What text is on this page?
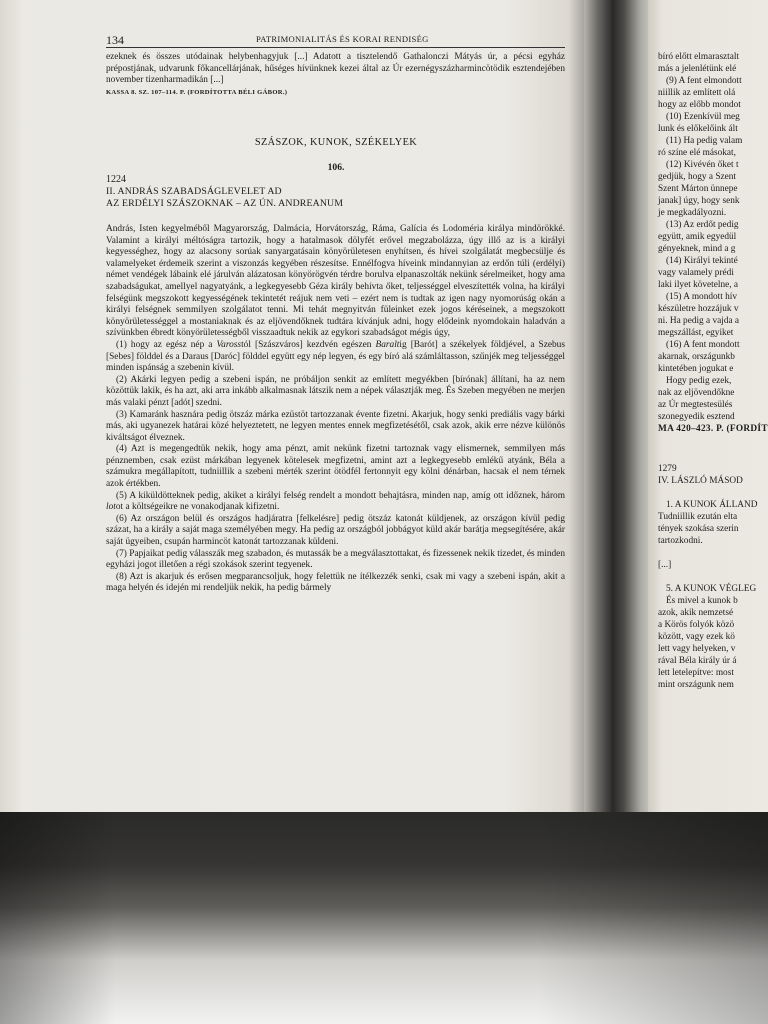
134	PATRIMONIALITÁS ÉS KORAI RENDISÉG

ezeknek és összes utódainak helybenhagyjuk [...] Adatott a tisztelendő Gathalonczi Mátyás úr, a pécsi egyház prépostjának, udvarunk főkancellárjának, hűséges hívünknek kezei által az Úr ezernégyszázharmincötödik esztendejében november tizenharmadikán [...]

KASSA 8. SZ. 107–114. P. (FORDÍTOTTA BÉLI GÁBOR.)

SZÁSZOK, KUNOK, SZÉKELYEK
106.
1224
II. ANDRÁS SZABADSÁGLEVELET AD
AZ ERDÉLYI SZÁSZOKNAK – AZ ÚN. ANDREANUM

András, Isten kegyelméből Magyarország, Dalmácia, Horvátország, Ráma, Galícia és Lodoméria királya mindörökké. Valamint a királyi méltóságra tartozik, hogy a hatalmasok dölyfét erővel megzabolázza, úgy illő az is a királyi kegyességhez, hogy az alacsony sorúak sanyargatásain könyörületesen enyhítsen, és hívei szolgálatát megbecsülje és valamelyeket érdemeik szerint a viszonzás kegyében részesítse. Ennélfogva híveink mindannyian az erdőn túli (erdélyi) német vendégek lábaink elé járulván alázatosan könyörögvén térdre borulva elpanaszolták nekünk sérelmeiket, hogy ama szabadságukat, amellyel nagyatyánk, a legkegyesebb Géza király behívta őket, teljességgel elveszítették volna, ha királyi felségünk megszokott kegyességének tekintetét reájuk nem veti – ezért nem is tudtak az igen nagy nyomorúság okán a királyi felségnek semmilyen szolgálatot tenni. Mi tehát megnyitván füleinket ezek jogos kéréseinek, a megszokott könyörületességgel a mostaniaknak és az eljövendőknek tudtára kívánjuk adni, hogy elődeink nyomdokain haladván a szívünkben ébredt könyörületességből visszaadtuk nekik az egykori szabadságot mégis úgy,

(1) hogy az egész nép a Varosstól [Szászváros] kezdvén egészen Baraltig [Barót] a székelyek földjével, a Szebus [Sebes] földdel és a Daraus [Daróc] földdel együtt egy nép legyen, és egy bíró alá számláltasson, szűnjék meg teljességgel minden ispánság a szebenin kívül.

(2) Akárki legyen pedig a szebeni ispán, ne próbáljon senkit az említett megyékben [bírónak] állítani, ha az nem közöttük lakik, és ha azt, aki arra inkább alkalmasnak látszik nem a népek választják meg. És Szeben megyében ne merjen más valaki pénzt [adót] szedni.

(3) Kamaránk hasznára pedig ötszáz márka ezüstöt tartozzanak évente fizetni. Akarjuk, hogy senki prediális vagy bárki más, aki ugyanezek határai közé helyeztetett, ne legyen mentes ennek megfizetésétől, csak azok, akik erre nézve különös kiváltságot élveznek.

(4) Azt is megengedtük nekik, hogy ama pénzt, amit nekünk fizetni tartoznak vagy elismernek, semmilyen más pénznemben, csak ezüst márkában legyenek kötelesek megfizetni, amint azt a legkegyesebb emlékű atyánk, Béla a számukra megállapított, tudniillik a szebeni mérték szerint ötödfél fertonnyit egy kölni dénárban, hacsak el nem térnek azok értékben.

(5) A kiküldötteknek pedig, akiket a királyi felség rendelt a mondott behajtásra, minden nap, amíg ott időznek, három lotot a költségeikre ne vonakodjanak kifizetni.

(6) Az országon belül és országos hadjáratra [felkelésre] pedig ötszáz katonát küldjenek, az országon kívül pedig százat, ha a király a saját maga személyében megy. Ha pedig az országból jobbágyot küld akár barátja megsegítésére, akár saját ügyeiben, csupán harmincöt katonát tartozzanak küldeni.

(7) Papjaikat pedig válasszák meg szabadon, és mutassák be a megválasztottakat, és fizessenek nekik tizedet, és minden egyházi jogot illetően a régi szokások szerint tegyenek.

(8) Azt is akarjuk és erősen megparancsoljuk, hogy felettük ne ítélkezzék senki, csak mi vagy a szebeni ispán, akit a maga helyén és idején mi rendeljük nekik, ha pedig bármely

bíró előtt elmarasztalt
más a jelenlétünk elé
(9) A fent elmondott
niillik az említett olá
hogy az előbb mondot
(10) Ezenkívül meg
lunk és előkelőink ált
(11) Ha pedig valam
ró színe elé másokat,
(12) Kivévén őket t
gedjük, hogy a Szent
Szent Márton ünnepe
janak] úgy, hogy senk
je megkadályozni.
(13) Az erdőt pedig
együtt, amik egyedül
gényeknek, mind a g
(14) Királyi tekinté
vagy valamely prédi
laki ilyet követelne, a
(15) A mondott hív
készületre hozzájuk v
ni. Ha pedig a vajda a
megszállást, egyiket
(16) A fent mondott
akarnak, országunkb
kintetében jogukat e
Hogy pedig ezek,
nak az eljövendőkne
az Úr megtestesülés
szonegyedik esztend
MA 420–423. P. (FORDÍT
1279
IV. LÁSZLÓ MÁSOD
1. A KUNOK ÁLLAND
Tudniillik ezután elta
tények szokása szerin
tartozkodni.
[...]
5. A KUNOK VÉGLEG
És mivel a kunok b
azok, akik nemzetsé
a Körös folyók közö
között, vagy ezek kö
lett vagy helyeken, v
rával Béla király úr á
lett letelepítve: most
mint országunk nem
